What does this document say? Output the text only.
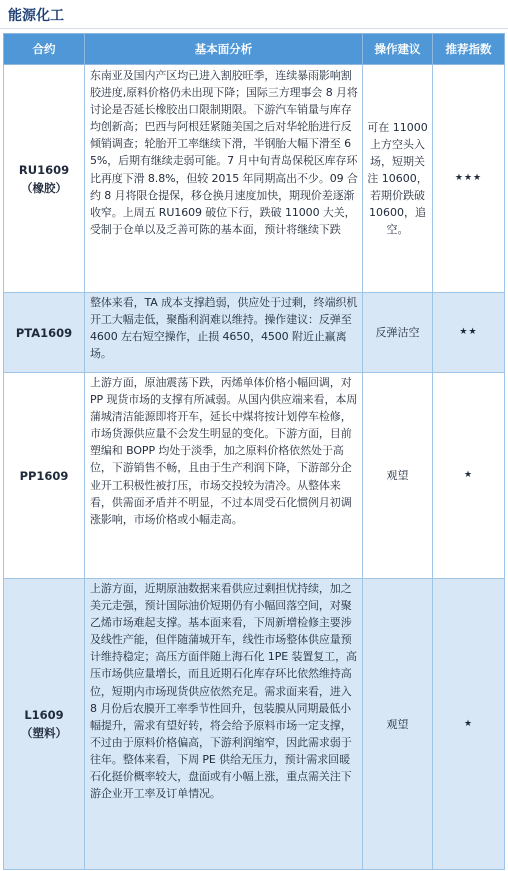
能源化工
合约	基本面分析	操作建议	推荐指数

RU1609
（橡胶）	东南亚及国内产区均已进入割胶旺季，连续暴雨影响割胶进度,原料价格仍未出现下降；国际三方理事会 8 月将讨论是否延长橡胶出口限制期限。下游汽车销量与库存均创新高；巴西与阿根廷紧随美国之后对华轮胎进行反倾销调查；轮胎开工率继续下滑，半钢胎大幅下滑至 65%，后期有继续走弱可能。7 月中旬青岛保税区库存环比再度下滑 8.8%，但较 2015 年同期高出不少。09 合约 8 月将限仓提保，移仓换月速度加快，期现价差逐渐收窄。上周五 RU1609 破位下行，跌破 11000 大关，受制于仓单以及乏善可陈的基本面，预计将继续下跌	可在 11000 上方空头入场，短期关注 10600，若期价跌破 10600，追空。	★★★

PTA1609	整体来看，TA 成本支撑趋弱，供应处于过剩，终端织机开工大幅走低，聚酯利润难以维持。操作建议：反弹至 4600 左右短空操作，止损 4650，4500 附近止赢离场。	反弹沽空	★★

PP1609	上游方面，原油震荡下跌，丙烯单体价格小幅回调，对 PP 现货市场的支撑有所减弱。从国内供应端来看，本周蒲城清洁能源即将开车，延长中煤将按计划停车检修，市场货源供应量不会发生明显的变化。下游方面，目前塑编和 BOPP 均处于淡季，加之原料价格依然处于高位，下游销售不畅，且由于生产利润下降，下游部分企业开工积极性被打压，市场交投较为清冷。从整体来看，供需面矛盾并不明显，不过本周受石化惯例月初调涨影响，市场价格或小幅走高。	观望	★

L1609
（塑料）	上游方面，近期原油数据来看供应过剩担忧持续，加之美元走强，预计国际油价短期仍有小幅回落空间，对聚乙烯市场难起支撑。基本面来看，下周新增检修主要涉及线性产能，但伴随蒲城开车，线性市场整体供应量预计维持稳定；高压方面伴随上海石化 1PE 装置复工，高压市场供应量增长，而且近期石化库存环比依然维持高位，短期内市场现货供应依然充足。需求面来看，进入 8 月份后农膜开工率季节性回升，包装膜从同期最低小幅提升，需求有望好转，将会给予原料市场一定支撑，不过由于原料价格偏高，下游利润缩窄，因此需求弱于往年。整体来看，下周 PE 供给无压力，预计需求回暖石化挺价概率较大，盘面或有小幅上涨，重点需关注下游企业开工率及订单情况。	观望	★
